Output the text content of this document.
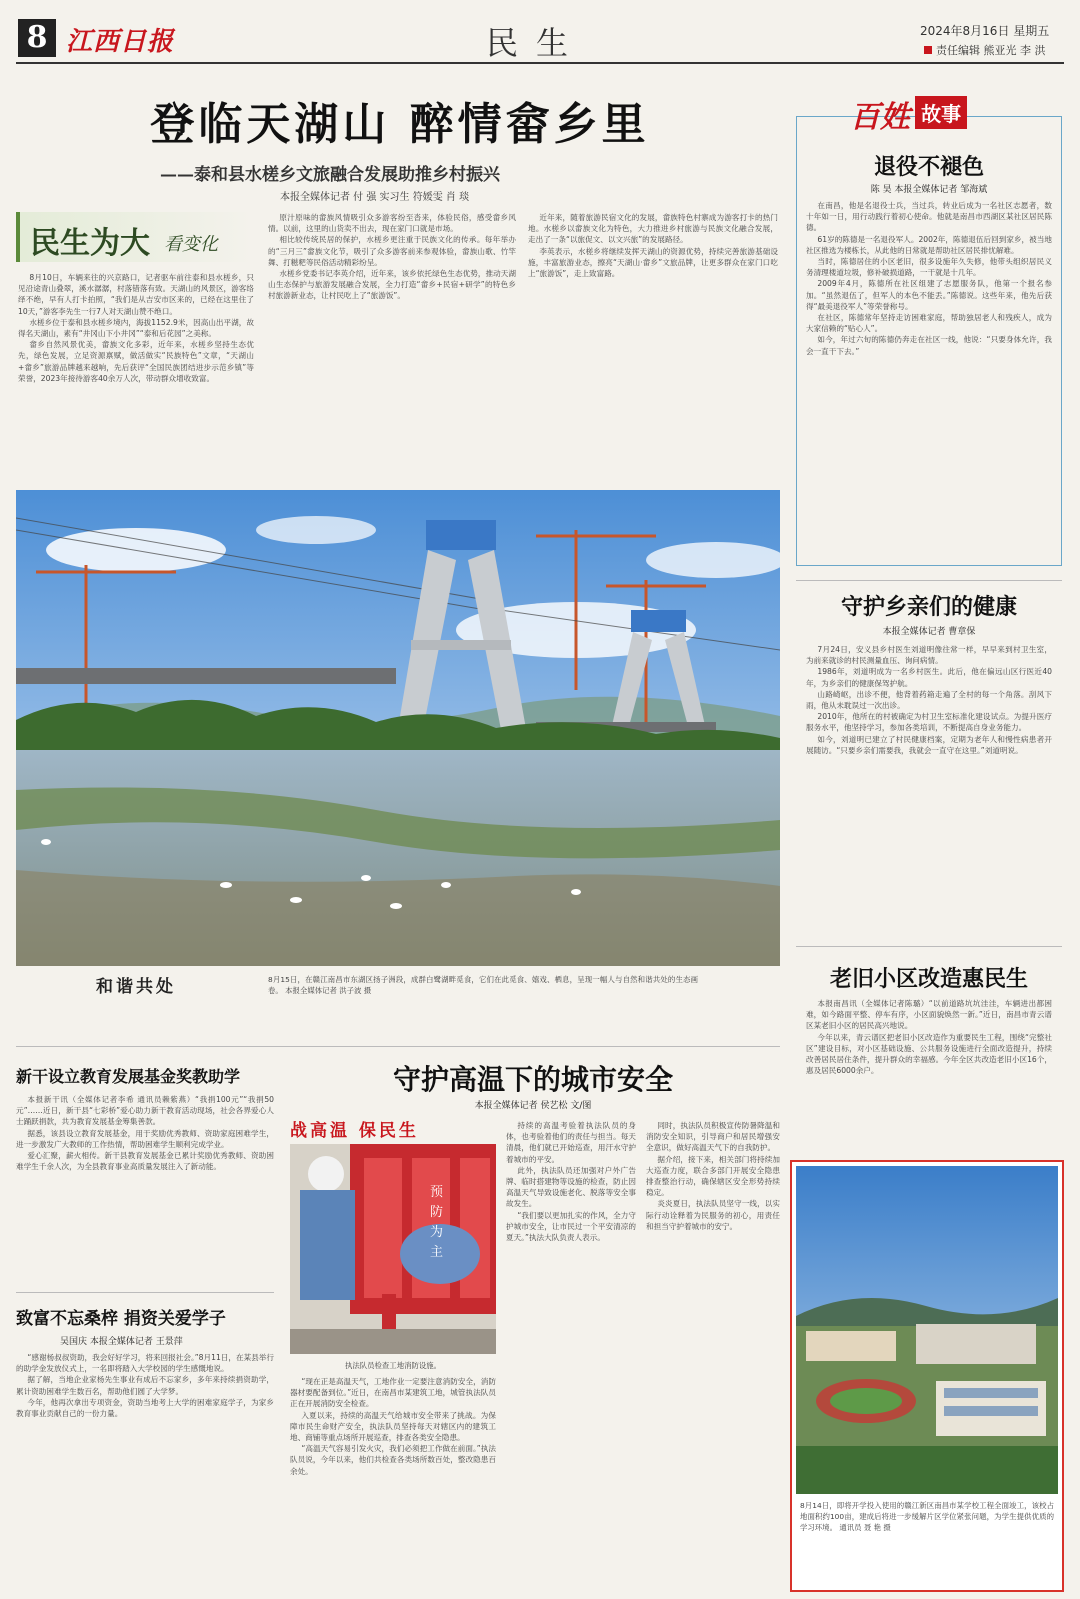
8 江西日报	民生	2024年8月16日 星期五
责任编辑 熊亚光 李 洪
登临天湖山 醉情畲乡里
——泰和县水槎乡文旅融合发展助推乡村振兴
本报全媒体记者 付 强 实习生 符媛雯 肖 琰
民生为大 看变化

8月10日，车辆来往的兴京路口，记者驱车前往泰和县水槎乡，只见沿途青山叠翠，溪水潺潺，村落错落有致。天湖山的风景区，游客络绎不绝，早有人打卡拍照，“我们是从吉安市区来的，已经在这里住了10天，”游客李先生一行7人对天湖山赞不绝口。

水槎乡位于泰和县水槎乡境内，海拔1152.9米，因高山出平湖，故得名天湖山，素有“井冈山下小井冈”“泰和后花园”之美称。

畲乡自然风景优美，畲族文化多彩，近年来，水槎乡坚持生态优先，绿色发展，立足资源禀赋，做活做实“民族特色”文章，“天湖山+畲乡”旅游品牌越来越响，先后获评“全国民族团结进步示范乡镇”等荣誉，2023年接待游客40余万人次，带动群众增收致富。

原汁原味的畲族风情吸引众多游客纷至沓来，体验民俗，感受畲乡风情。以前，这里的山货卖不出去，现在家门口就是市场。

相比较传统民居的保护，水槎乡更注重于民族文化的传承。每年举办的“三月三”畲族文化节，吸引了众多游客前来参观体验，畲族山歌、竹竿舞、打糍粑等民俗活动精彩纷呈。

水槎乡党委书记李英介绍，近年来，该乡依托绿色生态优势，推动天湖山生态保护与旅游发展融合发展，全力打造“畲乡+民宿+研学”的特色乡村旅游新业态，让村民吃上了“旅游饭”。

近年来，随着旅游民宿文化的发展，畲族特色村寨成为游客打卡的热门地。水槎乡以畲族文化为特色，大力推进乡村旅游与民族文化融合发展，走出了一条“以旅促文、以文兴旅”的发展路径。

李英表示，水槎乡将继续发挥天湖山的资源优势，持续完善旅游基础设施，丰富旅游业态，擦亮“天湖山·畲乡”文旅品牌，让更多群众在家门口吃上“旅游饭”，走上致富路。

和谐共处	8月15日，在赣江南昌市东湖区扬子洲段，成群白鹭湖畔觅食，它们在此觅食、嬉戏、栖息，呈现一幅人与自然和谐共处的生态画卷。 本报全媒体记者 洪子波 摄
百姓 故事
退役不褪色
陈 昊 本报全媒体记者 邹海斌

在南昌，他是名退役士兵，当过兵，转业后成为一名社区志愿者，数十年如一日，用行动践行着初心使命。他就是南昌市西湖区某社区居民陈德。

61岁的陈德是一名退役军人。2002年，陈德退伍后回到家乡，被当地社区推选为楼栋长，从此他的日常就是帮助社区居民排忧解难。

当时，陈德居住的小区老旧，很多设施年久失修，他带头组织居民义务清理楼道垃圾，修补破损道路，一干就是十几年。

2009年4月，陈德所在社区组建了志愿服务队，他第一个报名参加。“虽然退伍了，但军人的本色不能丢。”陈德说。这些年来，他先后获得“最美退役军人”等荣誉称号。

在社区，陈德常年坚持走访困难家庭，帮助独居老人和残疾人，成为大家信赖的“贴心人”。

如今，年过六旬的陈德仍奔走在社区一线，他说：“只要身体允许，我会一直干下去。”

守护乡亲们的健康
本报全媒体记者 曹章保

7月24日，安义县乡村医生刘道明像往常一样，早早来到村卫生室，为前来就诊的村民测量血压、询问病情。

1986年，刘道明成为一名乡村医生。此后，他在偏远山区行医近40年，为乡亲们的健康保驾护航。

山路崎岖，出诊不便，他背着药箱走遍了全村的每一个角落。刮风下雨，他从未耽误过一次出诊。

2010年，他所在的村被确定为村卫生室标准化建设试点。为提升医疗服务水平，他坚持学习，参加各类培训，不断提高自身业务能力。

如今，刘道明已建立了村民健康档案，定期为老年人和慢性病患者开展随访。“只要乡亲们需要我，我就会一直守在这里。”刘道明说。

老旧小区改造惠民生

本报南昌讯（全媒体记者陈璐）“以前道路坑坑洼洼，车辆进出都困难，如今路面平整、停车有序，小区面貌焕然一新。”近日，南昌市青云谱区某老旧小区的居民高兴地说。

今年以来，青云谱区把老旧小区改造作为重要民生工程，围绕“完整社区”建设目标，对小区基础设施、公共服务设施进行全面改造提升，持续改善居民居住条件，提升群众的幸福感。今年全区共改造老旧小区16个，惠及居民6000余户。

8月14日，即将开学投入使用的赣江新区南昌市某学校工程全面竣工，该校占地面积约100亩，建成后将进一步缓解片区学位紧张问题，为学生提供优质的学习环境。 通讯员 聂 艳 摄
新干设立教育发展基金奖教助学

本报新干讯（全媒体记者李希 通讯员赖紫燕）“我捐100元”“我捐50元”……近日，新干县“七彩桥”爱心助力新干教育活动现场，社会各界爱心人士踊跃捐款，共为教育发展基金筹集善款。

据悉，该县设立教育发展基金，用于奖励优秀教师、资助家庭困难学生，进一步激发广大教师的工作热情，帮助困难学生顺利完成学业。

爱心汇聚，薪火相传。新干县教育发展基金已累计奖励优秀教师、资助困难学生千余人次，为全县教育事业高质量发展注入了新动能。

致富不忘桑梓 捐资关爱学子
吴国庆 本报全媒体记者 王景萍

“感谢杨叔叔资助，我会好好学习，将来回报社会。”8月11日，在某县举行的助学金发放仪式上，一名即将踏入大学校园的学生感慨地说。

据了解，当地企业家杨先生事业有成后不忘家乡，多年来持续捐资助学，累计资助困难学生数百名，帮助他们圆了大学梦。

今年，他再次拿出专项资金，资助当地考上大学的困难家庭学子，为家乡教育事业贡献自己的一份力量。

守护高温下的城市安全
本报全媒体记者 侯艺松 文/图
战高温 保民生
预
防
为
主
执法队员检查工地消防设施。

“现在正是高温天气，工地作业一定要注意消防安全，消防器材要配备到位。”近日，在南昌市某建筑工地，城管执法队员正在开展消防安全检查。

入夏以来，持续的高温天气给城市安全带来了挑战。为保障市民生命财产安全，执法队员坚持每天对辖区内的建筑工地、商铺等重点场所开展巡查，排查各类安全隐患。

“高温天气容易引发火灾，我们必须把工作做在前面。”执法队员说，今年以来，他们共检查各类场所数百处，整改隐患百余处。

持续的高温考验着执法队员的身体，也考验着他们的责任与担当。每天清晨，他们就已开始巡查，用汗水守护着城市的平安。

此外，执法队员还加强对户外广告牌、临时搭建物等设施的检查，防止因高温天气导致设施老化、脱落等安全事故发生。

“我们要以更加扎实的作风，全力守护城市安全，让市民过一个平安清凉的夏天。”执法大队负责人表示。

同时，执法队员积极宣传防暑降温和消防安全知识，引导商户和居民增强安全意识，做好高温天气下的自我防护。

据介绍，接下来，相关部门将持续加大巡查力度，联合多部门开展安全隐患排查整治行动，确保辖区安全形势持续稳定。

炎炎夏日，执法队员坚守一线，以实际行动诠释着为民服务的初心，用责任和担当守护着城市的安宁。
